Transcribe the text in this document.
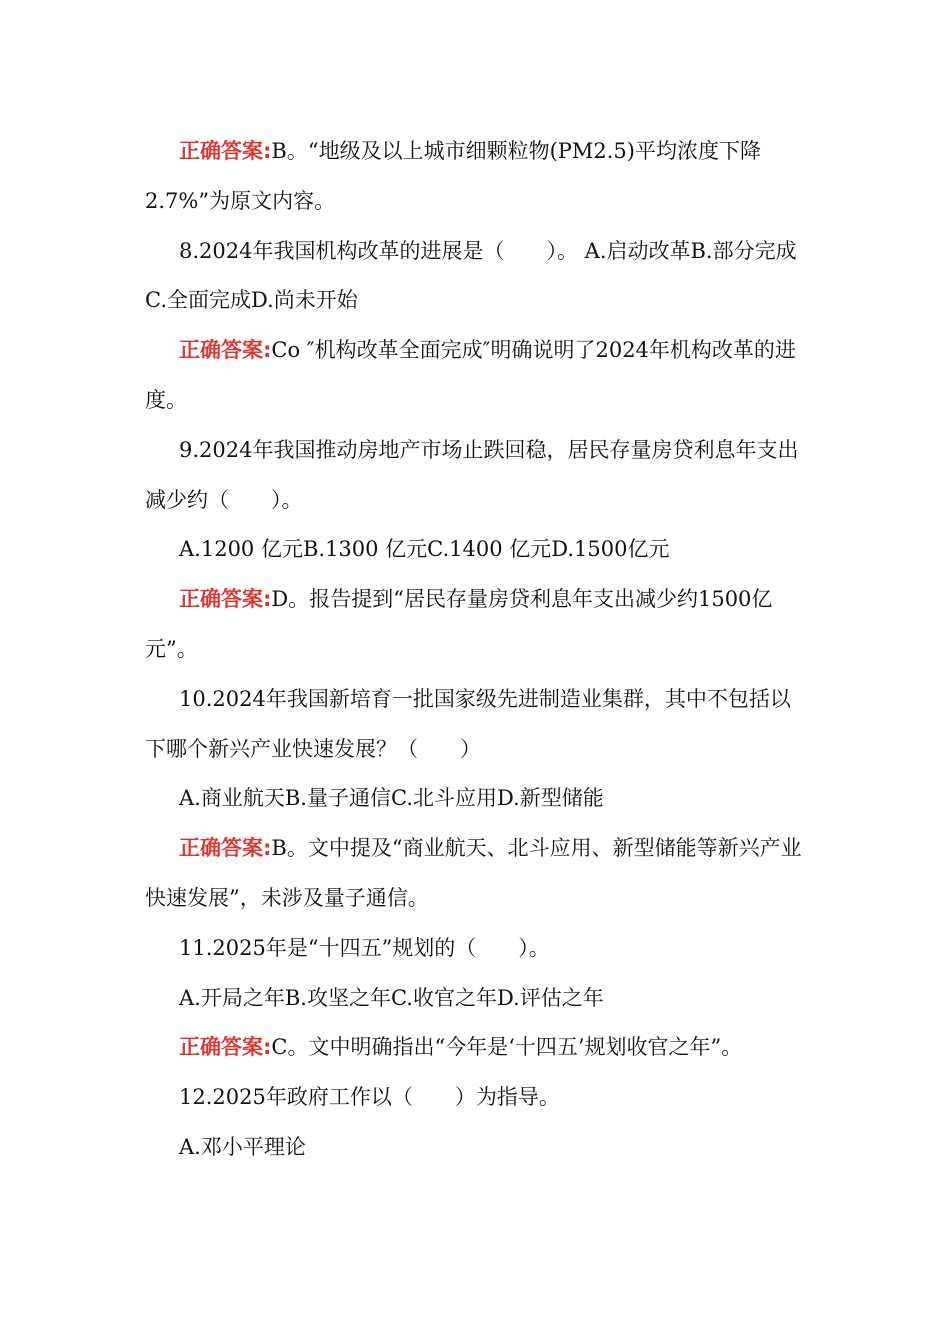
正确答案:B。“地级及以上城市细颗粒物(PM2.5)平均浓度下降2.7%”为原文内容。

8.2024年我国机构改革的进展是（　　）。 A.启动改革B.部分完成C.全面完成D.尚未开始

正确答案:Co ″机构改革全面完成″明确说明了2024年机构改革的进度。

9.2024年我国推动房地产市场止跌回稳，居民存量房贷利息年支出减少约（　　）。

A.1200 亿元B.1300 亿元C.1400 亿元D.1500亿元

正确答案:D。报告提到“居民存量房贷利息年支出减少约1500亿元”。

10.2024年我国新培育一批国家级先进制造业集群，其中不包括以下哪个新兴产业快速发展？（　　）

A.商业航天B.量子通信C.北斗应用D.新型储能

正确答案:B。文中提及“商业航天、北斗应用、新型储能等新兴产业快速发展”，未涉及量子通信。

11.2025年是“十四五”规划的（　　）。

A.开局之年B.攻坚之年C.收官之年D.评估之年

正确答案:C。文中明确指出“今年是‘十四五’规划收官之年”。

12.2025年政府工作以（　　）为指导。

A.邓小平理论
